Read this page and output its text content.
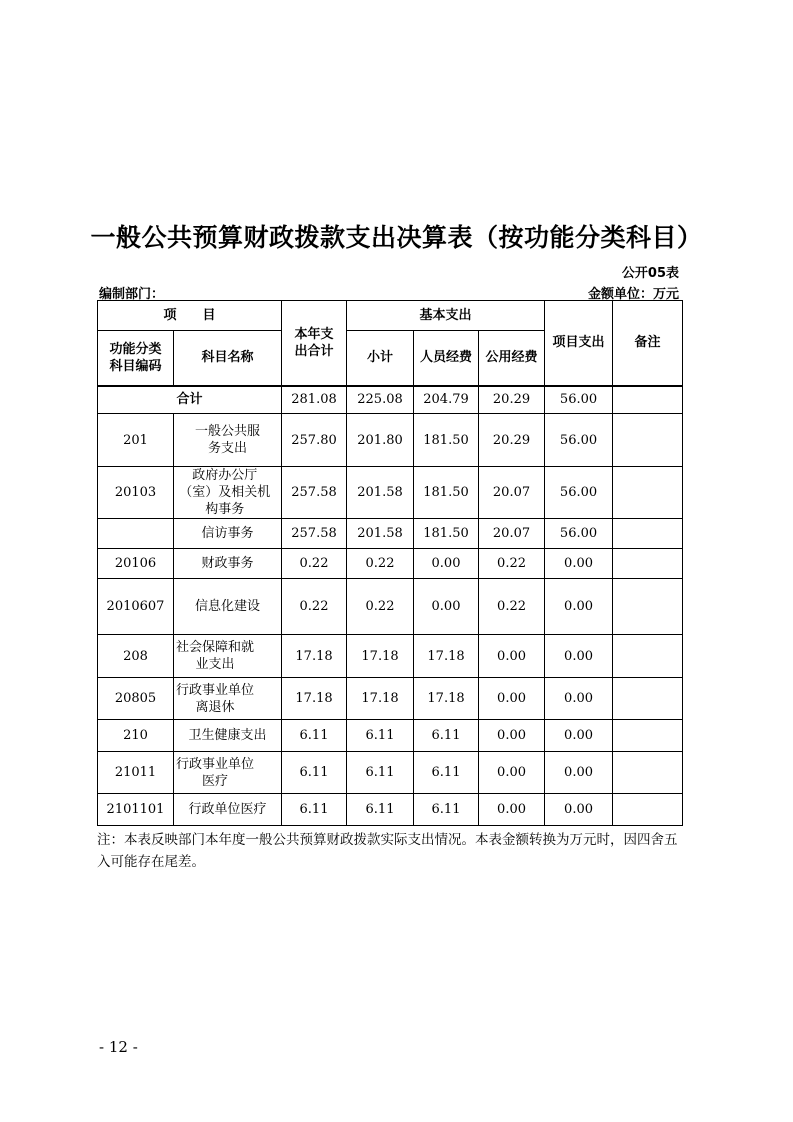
一般公共预算财政拨款支出决算表（按功能分类科目）
公开05表
编制部门：	金额单位：万元
项　　目		本年支出合计	基本支出			项目支出	备注

功能分类科目编码	科目名称		小计	人员经费	公用经费		
合计		281.08	225.08	204.79	20.29	56.00	
201	一般公共服务支出	257.80	201.80	181.50	20.29	56.00	
20103	政府办公厅（室）及相关机构事务	257.58	201.58	181.50	20.07	56.00	
	信访事务	257.58	201.58	181.50	20.07	56.00	
20106	财政事务	0.22	0.22	0.00	0.22	0.00	
2010607	信息化建设	0.22	0.22	0.00	0.22	0.00	
208	社会保障和就业支出	17.18	17.18	17.18	0.00	0.00	
20805	行政事业单位离退休	17.18	17.18	17.18	0.00	0.00	
210	卫生健康支出	6.11	6.11	6.11	0.00	0.00	
21011	行政事业单位医疗	6.11	6.11	6.11	0.00	0.00	
2101101	行政单位医疗	6.11	6.11	6.11	0.00	0.00	
注：本表反映部门本年度一般公共预算财政拨款实际支出情况。本表金额转换为万元时，因四舍五入可能存在尾差。
- 12 -
